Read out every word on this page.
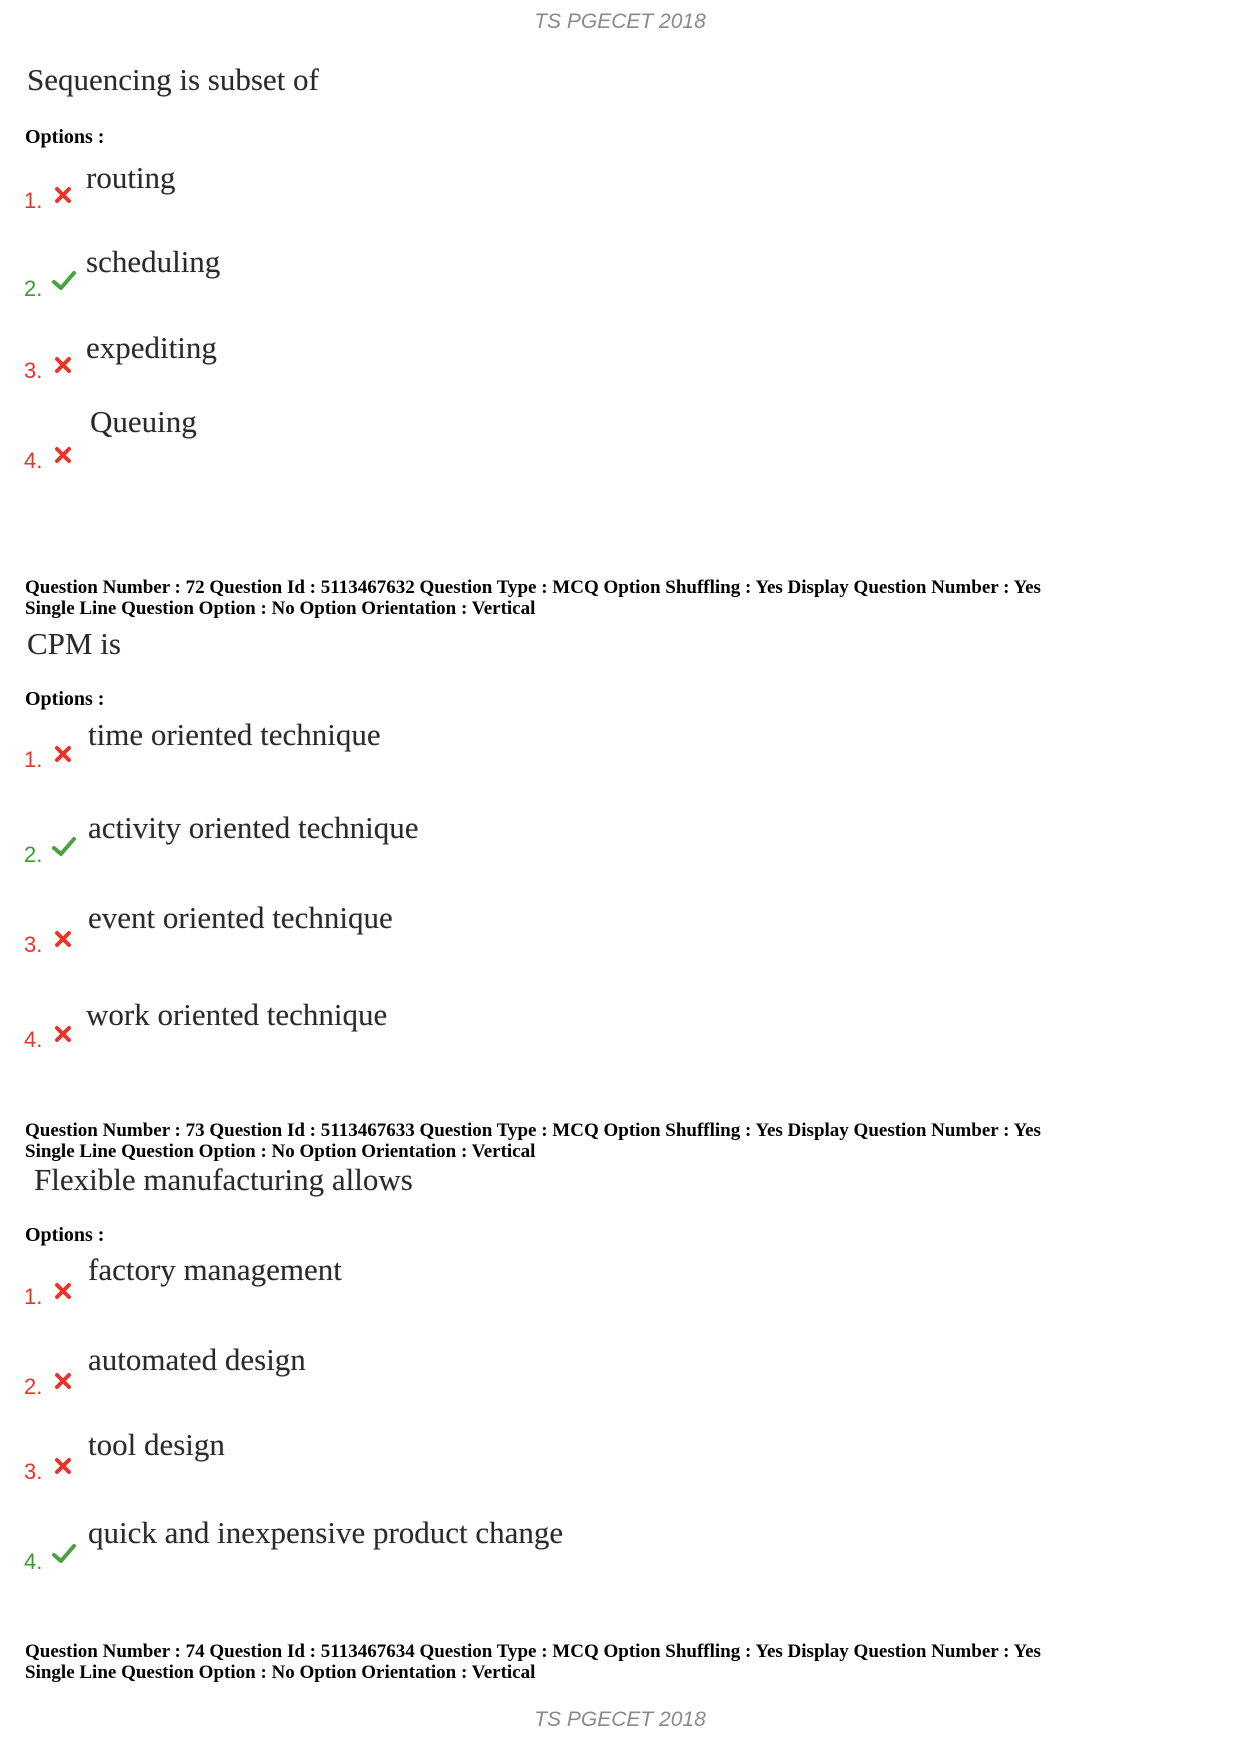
TS PGECET 2018
Sequencing is subset of
Options :
1.
routing
2.
scheduling
3.
expediting
4.
Queuing
Question Number : 72 Question Id : 5113467632 Question Type : MCQ Option Shuffling : Yes Display Question Number : Yes
Single Line Question Option : No Option Orientation : Vertical
CPM is
Options :
1.
time oriented technique
2.
activity oriented technique
3.
event oriented technique
4.
work oriented technique
Question Number : 73 Question Id : 5113467633 Question Type : MCQ Option Shuffling : Yes Display Question Number : Yes
Single Line Question Option : No Option Orientation : Vertical
Flexible manufacturing allows
Options :
1.
factory management
2.
automated design
3.
tool design
4.
quick and inexpensive product change
Question Number : 74 Question Id : 5113467634 Question Type : MCQ Option Shuffling : Yes Display Question Number : Yes
Single Line Question Option : No Option Orientation : Vertical
TS PGECET 2018
